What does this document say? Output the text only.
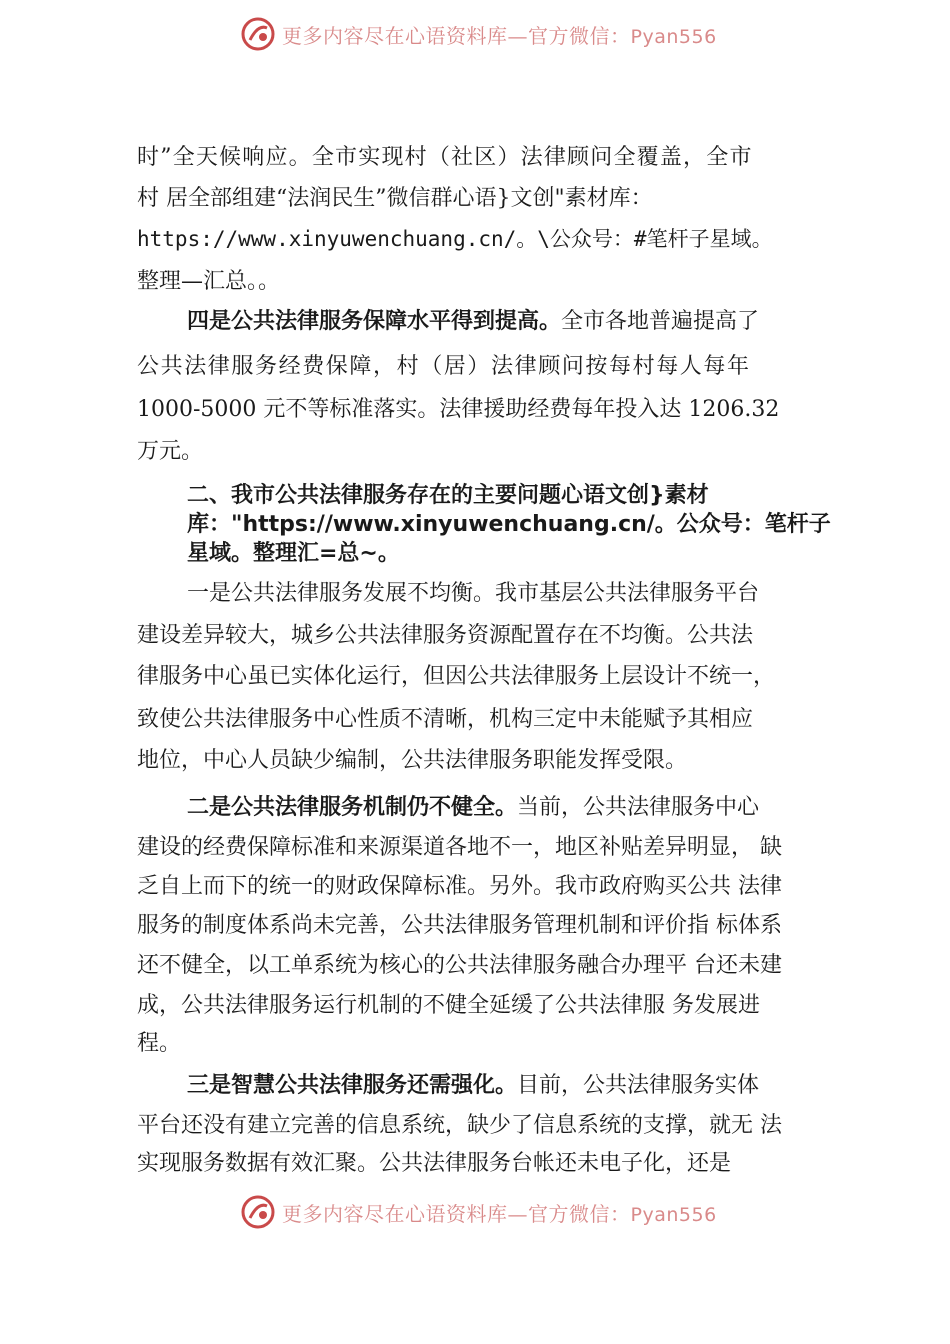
更多内容尽在心语资料库—官方微信：Pyan556
时”全天候响应。全市实现村（社区）法律顾问全覆盖，全市
村 居全部组建“法润民生”微信群心语}文创"素材库：
https://www.xinyuwenchuang.cn/。\公众号：#笔杆子星域。
整理—汇总。。
四是公共法律服务保障水平得到提高。全市各地普遍提高了
公共法律服务经费保障，村（居）法律顾问按每村每人每年
1000-5000 元不等标准落实。法律援助经费每年投入达 1206.32
万元。
二、我市公共法律服务存在的主要问题心语文创}素材
库："https://www.xinyuwenchuang.cn/。公众号：笔杆子
星域。整理汇=总~。
一是公共法律服务发展不均衡。我市基层公共法律服务平台
建设差异较大，城乡公共法律服务资源配置存在不均衡。公共法
律服务中心虽已实体化运行，但因公共法律服务上层设计不统一，
致使公共法律服务中心性质不清晰，机构三定中未能赋予其相应
地位，中心人员缺少编制，公共法律服务职能发挥受限。
二是公共法律服务机制仍不健全。当前，公共法律服务中心
建设的经费保障标准和来源渠道各地不一，地区补贴差异明显， 缺
乏自上而下的统一的财政保障标准。另外。我市政府购买公共 法律
服务的制度体系尚未完善，公共法律服务管理机制和评价指 标体系
还不健全，以工单系统为核心的公共法律服务融合办理平 台还未建
成，公共法律服务运行机制的不健全延缓了公共法律服 务发展进
程。
三是智慧公共法律服务还需强化。目前，公共法律服务实体
平台还没有建立完善的信息系统，缺少了信息系统的支撑，就无 法
实现服务数据有效汇聚。公共法律服务台帐还未电子化，还是
更多内容尽在心语资料库—官方微信：Pyan556
